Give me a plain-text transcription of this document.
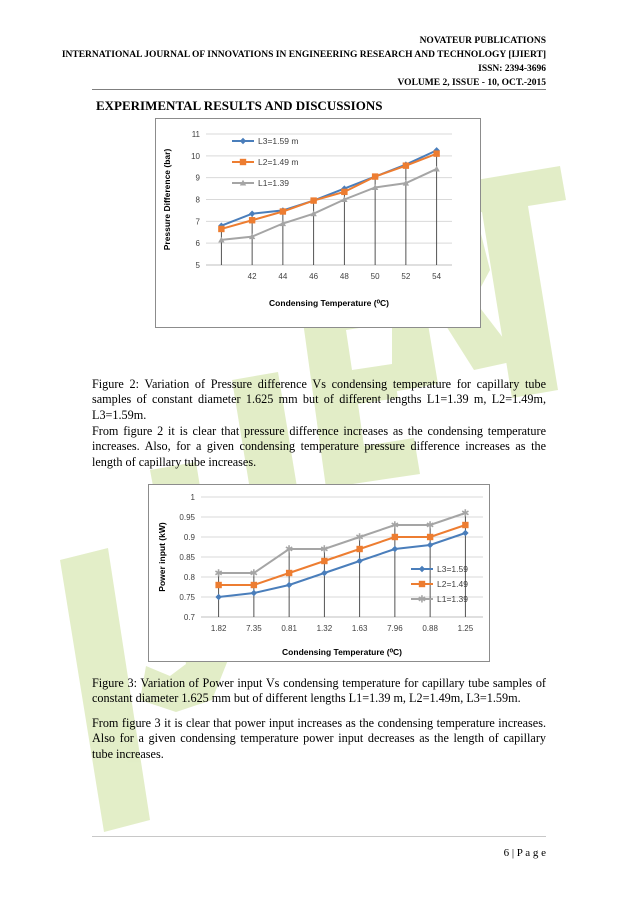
NOVATEUR PUBLICATIONS
INTERNATIONAL JOURNAL OF INNOVATIONS IN ENGINEERING RESEARCH AND TECHNOLOGY [IJIERT]
ISSN: 2394-3696
VOLUME 2, ISSUE - 10, OCT.-2015
EXPERIMENTAL RESULTS AND DISCUSSIONS
5
6
7
8
9
10
11
42	44	46	48	50	52	54
Condensing Temperature (⁰C)
Pressure Difference (bar)
L3=1.59 m
L2=1.49 m
L1=1.39
Figure 2: Variation of Pressure difference Vs condensing temperature for capillary tube samples of constant diameter 1.625 mm but of different lengths L1=1.39 m, L2=1.49m, L3=1.59m.
From figure 2 it is clear that pressure difference increases as the condensing temperature increases. Also, for a given condensing temperature pressure difference increases as the length of capillary tube increases.
0.7
0.75
0.8
0.85
0.9
0.95
1
1.82 7.35 0.81 1.32 1.63 7.96 0.88 1.25
✱	✱
✱	✱
✱
✱	✱
✱
Condensing Temperature (⁰C)
Power input (kW)	L3=1.59
L2=1.49
✱ L1=1.39
Figure 3: Variation of Power input Vs condensing temperature for capillary tube samples of constant diameter 1.625 mm but of different lengths L1=1.39 m, L2=1.49m, L3=1.59m.
From figure 3 it is clear that power input increases as the condensing temperature increases. Also for a given condensing temperature power input decreases as the length of capillary tube increases.
6 | P a g e
